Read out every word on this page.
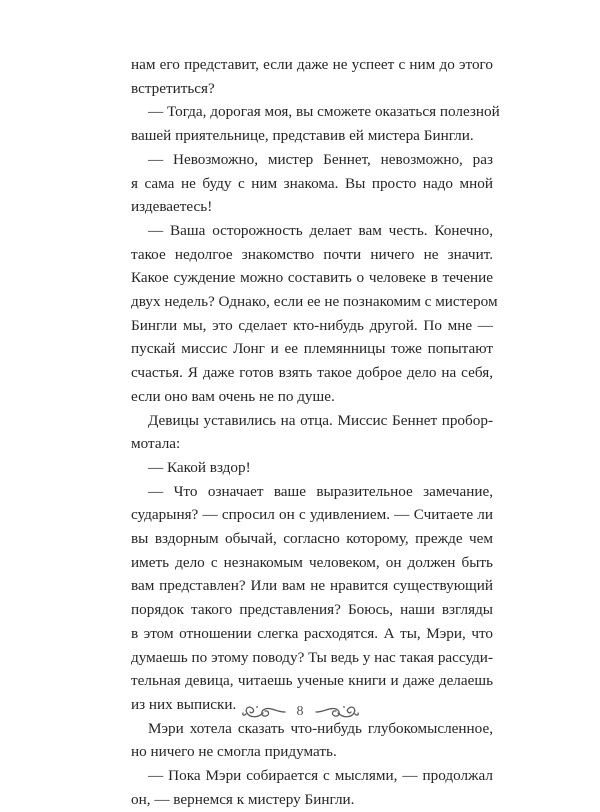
нам его представит, если даже не успеет с ним до этого
встретиться?
— Тогда, дорогая моя, вы сможете оказаться полезной
вашей приятельнице, представив ей мистера Бингли.
— Невозможно, мистер Беннет, невозможно, раз
я сама не буду с ним знакома. Вы просто надо мной
издеваетесь!
— Ваша осторожность делает вам честь. Конечно,
такое недолгое знакомство почти ничего не значит.
Какое суждение можно составить о человеке в течение
двух недель? Однако, если ее не познакомим с мистером
Бингли мы, это сделает кто-нибудь другой. По мне —
пускай миссис Лонг и ее племянницы тоже попытают
счастья. Я даже готов взять такое доброе дело на себя,
если оно вам очень не по душе.
Девицы уставились на отца. Миссис Беннет пробор-
мотала:
— Какой вздор!
— Что означает ваше выразительное замечание,
сударыня? — спросил он с удивлением. — Считаете ли
вы вздорным обычай, согласно которому, прежде чем
иметь дело с незнакомым человеком, он должен быть
вам представлен? Или вам не нравится существующий
порядок такого представления? Боюсь, наши взгляды
в этом отношении слегка расходятся. А ты, Мэри, что
думаешь по этому поводу? Ты ведь у нас такая рассуди-
тельная девица, читаешь ученые книги и даже делаешь
из них выписки.
Мэри хотела сказать что-нибудь глубокомысленное,
но ничего не смогла придумать.
— Пока Мэри собирается с мыслями, — продолжал
он, — вернемся к мистеру Бингли.
8
